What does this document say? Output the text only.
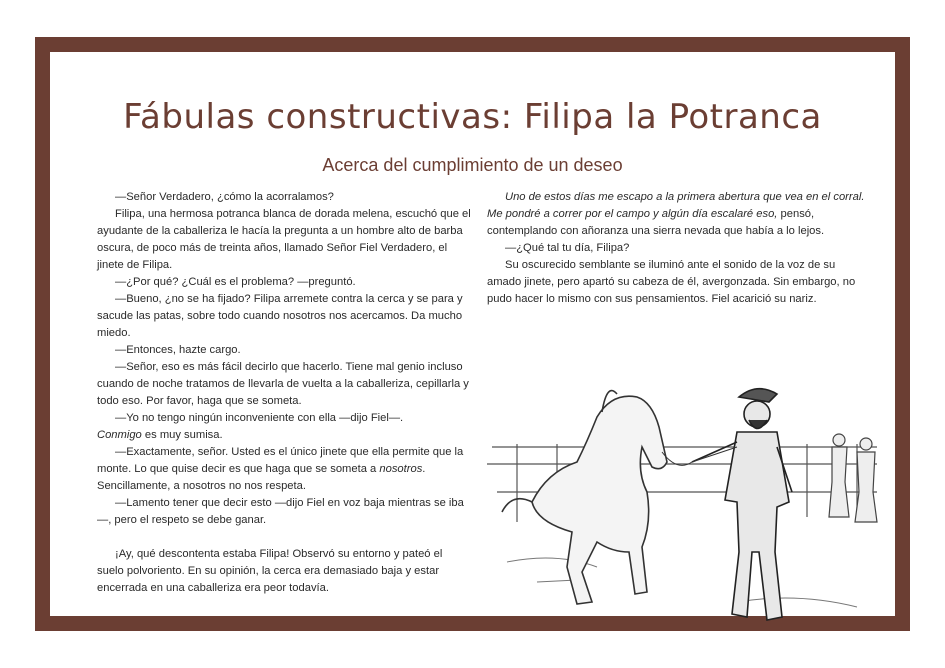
Fábulas constructivas: Filipa la Potranca
Acerca del cumplimiento de un deseo

—Señor Verdadero, ¿cómo la acorralamos?

Filipa, una hermosa potranca blanca de dorada melena, escuchó que el ayudante de la caballeriza le hacía la pregunta a un hombre alto de barba oscura, de poco más de treinta años, llamado Señor Fiel Verdadero, el jinete de Filipa.

—¿Por qué? ¿Cuál es el problema? —preguntó.

—Bueno, ¿no se ha fijado? Filipa arremete contra la cerca y se para y sacude las patas, sobre todo cuando nosotros nos acercamos. Da mucho miedo.

—Entonces, hazte cargo.

—Señor, eso es más fácil decirlo que hacerlo. Tiene mal genio incluso cuando de noche tratamos de llevarla de vuelta a la caballeriza, cepillarla y todo eso. Por favor, haga que se someta.

—Yo no tengo ningún inconveniente con ella —dijo Fiel—.

Conmigo es muy sumisa.

—Exactamente, señor. Usted es el único jinete que ella permite que la monte. Lo que quise decir es que haga que se someta a nosotros. Sencillamente, a nosotros no nos respeta.

—Lamento tener que decir esto —dijo Fiel en voz baja mientras se iba—, pero el respeto se debe ganar.

¡Ay, qué descontenta estaba Filipa! Observó su entorno y pateó el suelo polvoriento. En su opinión, la cerca era demasiado baja y estar encerrada en una caballeriza era peor todavía.

Uno de estos días me escapo a la primera abertura que vea en el corral. Me pondré a correr por el campo y algún día escalaré eso, pensó, contemplando con añoranza una sierra nevada que había a lo lejos.

—¿Qué tal tu día, Filipa?

Su oscurecido semblante se iluminó ante el sonido de la voz de su amado jinete, pero apartó su cabeza de él, avergonzada. Sin embargo, no pudo hacer lo mismo con sus pensamientos. Fiel acarició su nariz.
